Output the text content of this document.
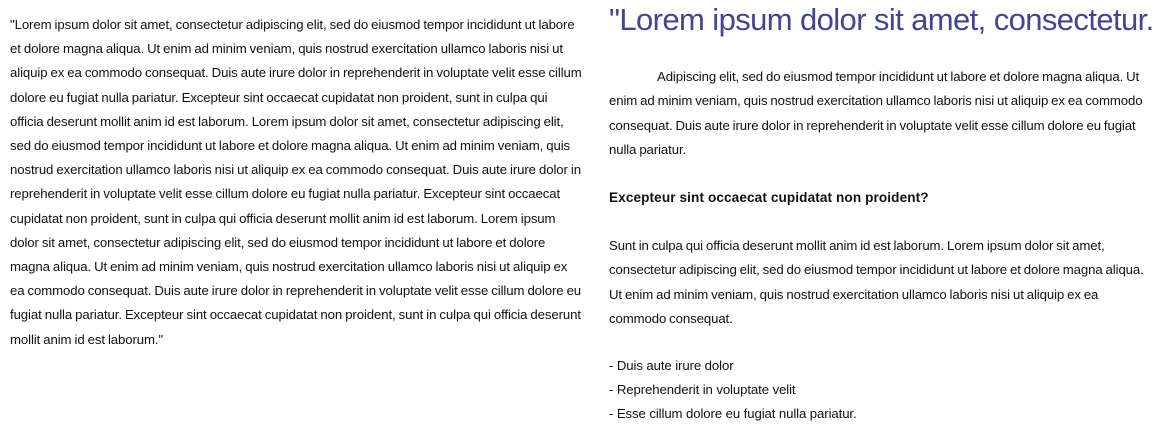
"Lorem ipsum dolor sit amet, consectetur adipiscing elit, sed do eiusmod tempor incididunt ut labore et dolore magna aliqua. Ut enim ad minim veniam, quis nostrud exercitation ullamco laboris nisi ut aliquip ex ea commodo consequat. Duis aute irure dolor in reprehenderit in voluptate velit esse cillum dolore eu fugiat nulla pariatur. Excepteur sint occaecat cupidatat non proident, sunt in culpa qui officia deserunt mollit anim id est laborum. Lorem ipsum dolor sit amet, consectetur adipiscing elit, sed do eiusmod tempor incididunt ut labore et dolore magna aliqua. Ut enim ad minim veniam, quis nostrud exercitation ullamco laboris nisi ut aliquip ex ea commodo consequat. Duis aute irure dolor in reprehenderit in voluptate velit esse cillum dolore eu fugiat nulla pariatur. Excepteur sint occaecat cupidatat non proident, sunt in culpa qui officia deserunt mollit anim id est laborum. Lorem ipsum dolor sit amet, consectetur adipiscing elit, sed do eiusmod tempor incididunt ut labore et dolore magna aliqua. Ut enim ad minim veniam, quis nostrud exercitation ullamco laboris nisi ut aliquip ex ea commodo consequat. Duis aute irure dolor in reprehenderit in voluptate velit esse cillum dolore eu fugiat nulla pariatur. Excepteur sint occaecat cupidatat non proident, sunt in culpa qui officia deserunt mollit anim id est laborum."

"Lorem ipsum dolor sit amet, consectetur.

Adipiscing elit, sed do eiusmod tempor incididunt ut labore et dolore magna aliqua. Ut enim ad minim veniam, quis nostrud exercitation ullamco laboris nisi ut aliquip ex ea commodo consequat. Duis aute irure dolor in reprehenderit in voluptate velit esse cillum dolore eu fugiat nulla pariatur.

Excepteur sint occaecat cupidatat non proident?

Sunt in culpa qui officia deserunt mollit anim id est laborum. Lorem ipsum dolor sit amet, consectetur adipiscing elit, sed do eiusmod tempor incididunt ut labore et dolore magna aliqua. Ut enim ad minim veniam, quis nostrud exercitation ullamco laboris nisi ut aliquip ex ea commodo consequat.

- Duis aute irure dolor
- Reprehenderit in voluptate velit
- Esse cillum dolore eu fugiat nulla pariatur.
